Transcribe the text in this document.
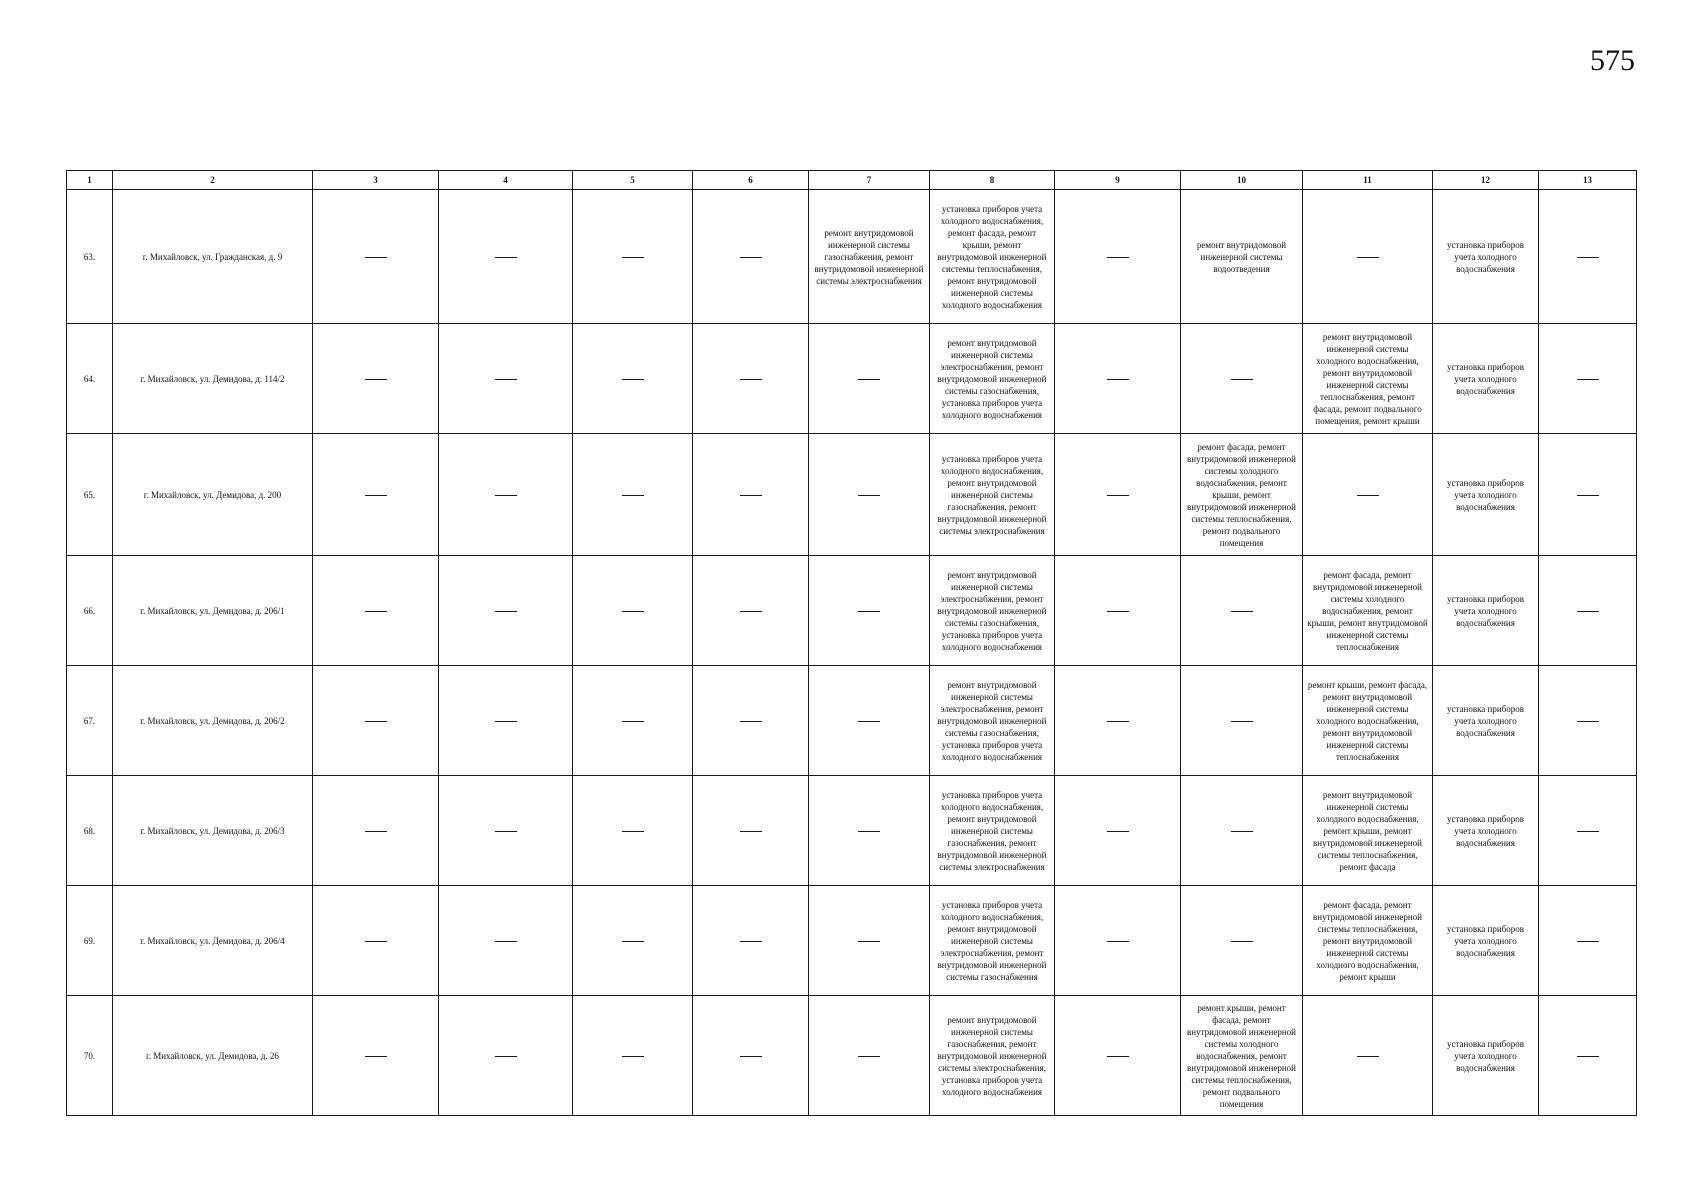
575
1	2	3	4	5	6	7	8	9	10	11	12	13
63.	г. Михайловск, ул. Гражданская, д. 9					ремонт внутридомовой инженерной системы газоснабжения, ремонт внутридомовой инженерной системы электроснабжения	установка приборов учета холодного водоснабжения, ремонт фасада, ремонт крыши, ремонт внутридомовой инженерной системы теплоснабжения, ремонт внутридомовой инженерной системы холодного водоснабжения		ремонт внутридомовой инженерной системы водоотведения		установка приборов учета холодного водоснабжения	

64.	г. Михайловск, ул. Демидова, д. 114/2						ремонт внутридомовой инженерной системы электроснабжения, ремонт внутридомовой инженерной системы газоснабжения, установка приборов учета холодного водоснабжения			ремонт внутридомовой инженерной системы холодного водоснабжения, ремонт внутридомовой инженерной системы теплоснабжения, ремонт фасада, ремонт подвального помещения, ремонт крыши	установка приборов учета холодного водоснабжения	

65.	г. Михайловск, ул. Демидова, д. 200						установка приборов учета холодного водоснабжения, ремонт внутридомовой инженерной системы газоснабжения, ремонт внутридомовой инженерной системы электроснабжения		ремонт фасада, ремонт внутридомовой инженерной системы холодного водоснабжения, ремонт крыши, ремонт внутридомовой инженерной системы теплоснабжения, ремонт подвального помещения		установка приборов учета холодного водоснабжения	

66.	г. Михайловск, ул. Демидова, д. 206/1						ремонт внутридомовой инженерной системы электроснабжения, ремонт внутридомовой инженерной системы газоснабжения, установка приборов учета холодного водоснабжения			ремонт фасада, ремонт внутридомовой инженерной системы холодного водоснабжения, ремонт крыши, ремонт внутридомовой инженерной системы теплоснабжения	установка приборов учета холодного водоснабжения	

67.	г. Михайловск, ул. Демидова, д. 206/2						ремонт внутридомовой инженерной системы электроснабжения, ремонт внутридомовой инженерной системы газоснабжения, установка приборов учета холодного водоснабжения			ремонт крыши, ремонт фасада, ремонт внутридомовой инженерной системы холодного водоснабжения, ремонт внутридомовой инженерной системы теплоснабжения	установка приборов учета холодного водоснабжения	

68.	г. Михайловск, ул. Демидова, д. 206/3						установка приборов учета холодного водоснабжения, ремонт внутридомовой инженерной системы газоснабжения, ремонт внутридомовой инженерной системы электроснабжения			ремонт внутридомовой инженерной системы холодного водоснабжения, ремонт крыши, ремонт внутридомовой инженерной системы теплоснабжения, ремонт фасада	установка приборов учета холодного водоснабжения	

69.	г. Михайловск, ул. Демидова, д. 206/4						установка приборов учета холодного водоснабжения, ремонт внутридомовой инженерной системы электроснабжения, ремонт внутридомовой инженерной системы газоснабжения			ремонт фасада, ремонт внутридомовой инженерной системы теплоснабжения, ремонт внутридомовой инженерной системы холодного водоснабжения, ремонт крыши	установка приборов учета холодного водоснабжения	

70.	г. Михайловск, ул. Демидова, д. 26						ремонт внутридомовой инженерной системы газоснабжения, ремонт внутридомовой инженерной системы электроснабжения, установка приборов учета холодного водоснабжения		ремонт крыши, ремонт фасада, ремонт внутридомовой инженерной системы холодного водоснабжения, ремонт внутридомовой инженерной системы теплоснабжения, ремонт подвального помещения		установка приборов учета холодного водоснабжения	
